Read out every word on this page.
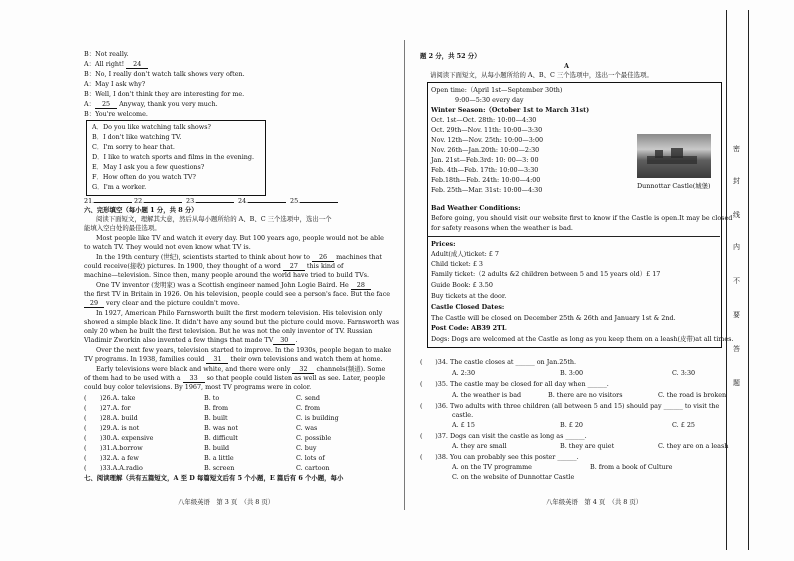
B：Not really.
A：All right! 24
B：No, I really don't watch talk shows very often.
A：May I ask why?
B：Well, I don't think they are interesting for me.
A： 25 Anyway, thank you very much.
B：You're welcome.
A．Do you like watching talk shows?
B．I don't like watching TV.
C．I'm sorry to hear that.
D．I like to watch sports and films in the evening.
E．May I ask you a few questions?
F．How often do you watch TV?
G．I'm a worker.
21.	22.	23.	24.	25.
六、完形填空（每小题 1 分，共 8 分）
阅读下面短文，理解其大意，然后从每小题所给的 A、B、C 三个选项中，选出一个
能填入空白处的最佳选项。
Most people like TV and watch it every day. But 100 years ago, people would not be able
to watch TV. They would not even know what TV is.
In the 19th century (世纪), scientists started to think about how to 26 machines that
could receive(接收) pictures. In 1900, they thought of a word 27 this kind of
machine—television. Since then, many people around the world have tried to build TVs.
One TV inventor (发明家) was a Scottish engineer named John Logie Baird. He 28
the first TV in Britain in 1926. On his television, people could see a person's face. But the face
29 very clear and the picture couldn't move.
In 1927, American Philo Farnsworth built the first modern television. His television only
showed a simple black line. It didn't have any sound but the picture could move. Farnsworth was
only 20 when he built the first television. But he was not the only inventor of TV. Russian
Vladimir Zworkin also invented a few things that made TV 30 .
Over the next few years, television started to improve. In the 1930s, people began to make
TV programs. In 1938, families could 31 their own televisions and watch them at home.
Early televisions were black and white, and there were only 32 channels(频道). Some
of them had to be used with a 33 so that people could listen as well as see. Later, people
could buy color televisions. By 1967, most TV programs were in color.
( )26.A. take	B. to	C. send
( )27.A. for	B. from	C. from
( )28.A. build	B. built	C. is building
( )29.A. is not	B. was not	C. was
( )30.A. expensive	B. difficult	C. possible
( )31.A.borrow	B. build	C. buy
( )32.A. a few	B. a little	C. lots of
( )33.A.A.radio	B. screen	C. cartoon
七、阅读理解（共有五篇短文，A 至 D 每篇短文后有 5 个小题，E 篇后有 6 个小题，每小
八年级英语　第 3 页　（共 8 页）
题 2 分，共 52 分）
A
请阅读下面短文，从每小题所给的 A、B、C 三个选项中，选出一个最佳选项。
Open time:（April 1st—September 30th)
9:00—5:30 every day
Winter Season:（October 1st to March 31st)
Oct. 1st—Oct. 28th: 10:00—4:30
Oct. 29th—Nov. 11th: 10:00—3:30
Nov. 12th—Nov. 25th: 10:00—3:00
Nov. 26th—Jan.20th: 10:00—2:30
Jan. 21st—Feb.3rd: 10: 00—3: 00
Feb. 4th—Feb. 17th: 10:00—3:30
Feb.18th—Feb. 24th: 10:00—4:00
Feb. 25th—Mar. 31st: 10:00—4:30	Dunnottar Castle(城堡)
Bad Weather Conditions:
Before going, you should visit our website first to know if the Castle is open.It may be closed
for safety reasons when the weather is bad.
Prices:
Adult(成人)ticket: £ 7
Child ticket: £ 3
Family ticket:（2 adults &2 children between 5 and 15 years old）£ 17
Guide Book: £ 3.50
Buy tickets at the door.
Castle Closed Dates:
The Castle will be closed on December 25th & 26th and January 1st & 2nd.
Post Code: AB39 2TL
Dogs: Dogs are welcomed at the Castle as long as you keep them on a leash(皮带)at all times.
(　　)34. The castle closes at ______ on Jan.25th.
A. 2:30	B. 3:00	C. 3:30
(　　)35. The castle may be closed for all day when ______.
A. the weather is bad	B. there are no visitors	C. the road is broken
(　　)36. Two adults with three children (all between 5 and 15) should pay ______ to visit the
castle.
A. £ 15	B. £ 20	C. £ 25
(　　)37. Dogs can visit the castle as long as ______.
A. they are small	B. they are quiet	C. they are on a leash
(　　)38. You can probably see this poster ______.
A. on the TV programme	B. from a book of Culture
C. on the website of Dunnottar Castle
八年级英语　第 4 页　（共 8 页）
密
封
线
内
不
要
答
题
